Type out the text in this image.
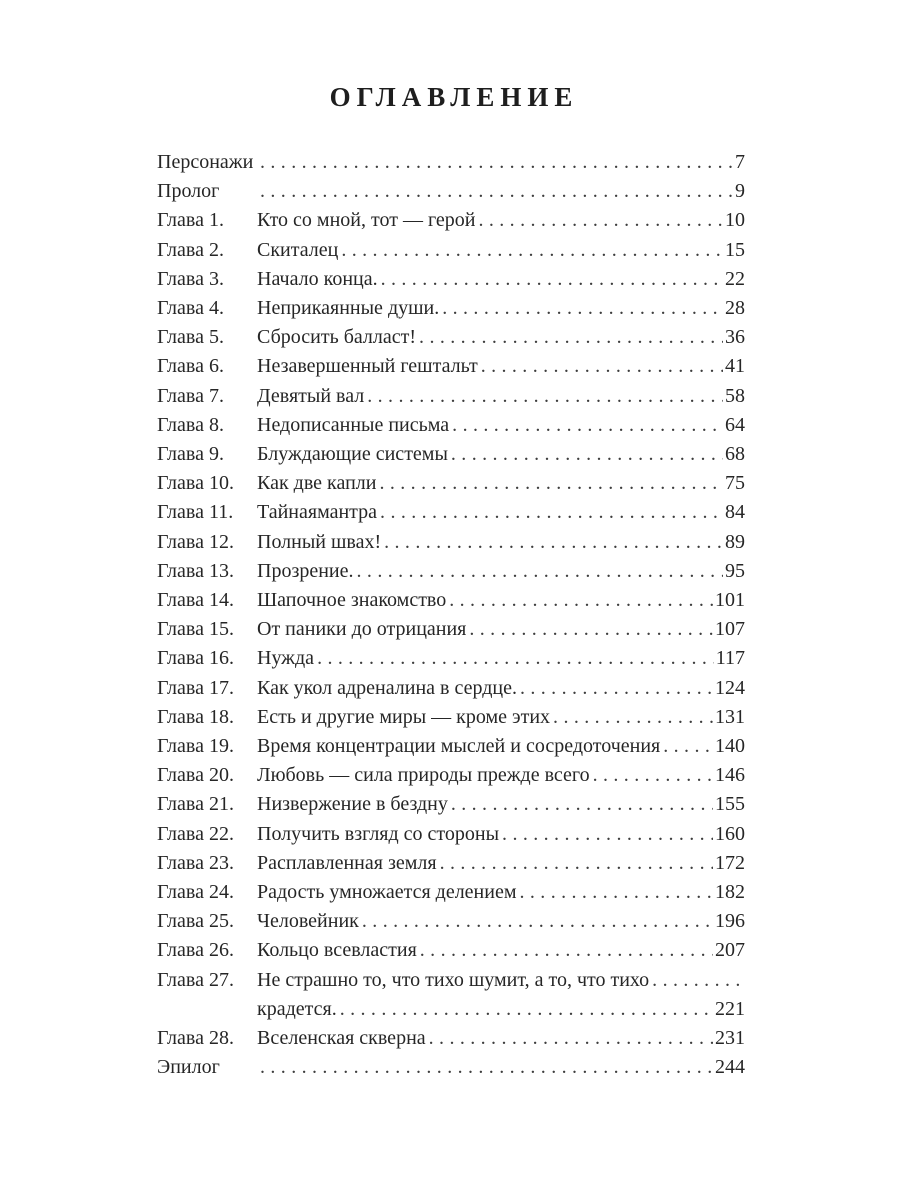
ОГЛАВЛЕНИЕ
Персонажи .....	7
Пролог .....	9
Глава 1.	Кто со мной, тот — герой .....	10
Глава 2.	Скиталец .....	15
Глава 3.	Начало конца. .....	22
Глава 4.	Неприкаянные души. .....	28
Глава 5.	Сбросить балласт! .....	36
Глава 6.	Незавершенный гештальт .....	41
Глава 7.	Девятый вал .....	58
Глава 8.	Недописанные письма .....	64
Глава 9.	Блуждающие системы .....	68
Глава 10.	Как две капли .....	75
Глава 11.	Тайнаямантра .....	84
Глава 12.	Полный швах! .....	89
Глава 13.	Прозрение. .....	95
Глава 14.	Шапочное знакомство .....	101
Глава 15.	От паники до отрицания .....	107
Глава 16.	Нужда .....	117
Глава 17.	Как укол адреналина в сердце. .....	124
Глава 18.	Есть и другие миры — кроме этих .....	131
Глава 19.	Время концентрации мыслей и сосредоточения .....	140
Глава 20.	Любовь — сила природы прежде всего .....	146
Глава 21.	Низвержение в бездну .....	155
Глава 22.	Получить взгляд со стороны .....	160
Глава 23.	Расплавленная земля .....	172
Глава 24.	Радость умножается делением .....	182
Глава 25.	Человейник .....	196
Глава 26.	Кольцо всевластия .....	207
Глава 27.	Не страшно то, что тихо шумит, а то, что тихо
.....
крадется. .....	221
Глава 28.	Вселенская скверна .....	231
Эпилог .....	244
